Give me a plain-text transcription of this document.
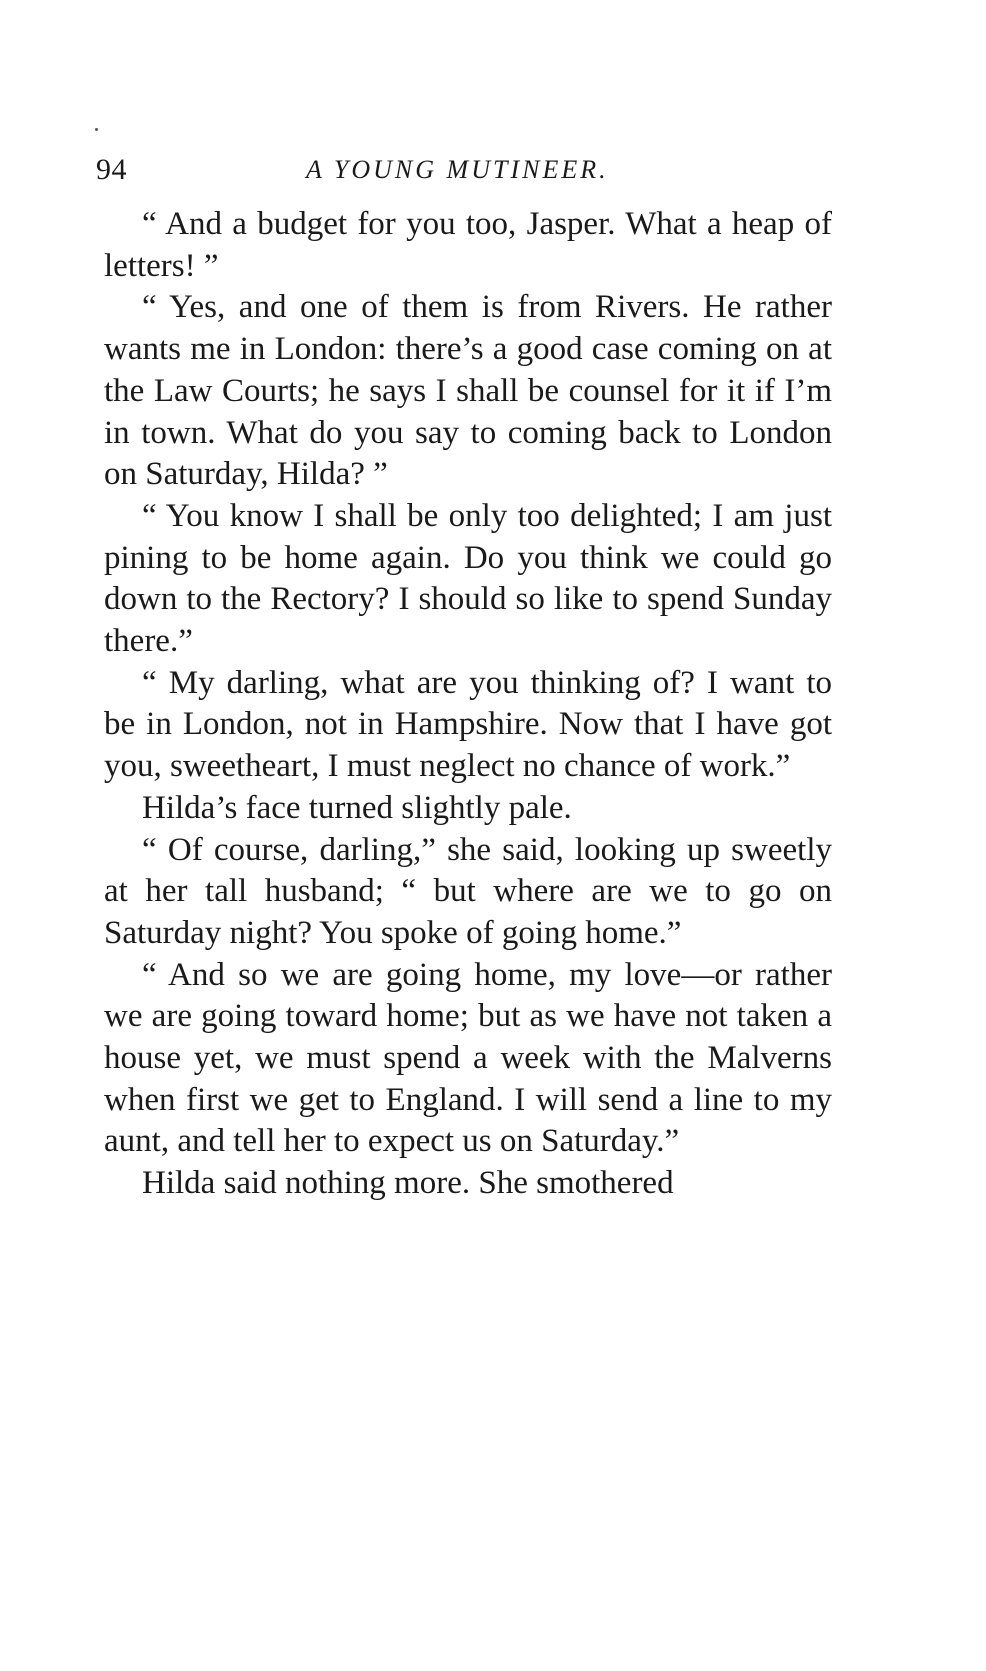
94	A YOUNG MUTINEER.

“ And a budget for you too, Jasper. What a heap of letters! ”

“ Yes, and one of them is from Rivers. He rather wants me in London: there’s a good case coming on at the Law Courts; he says I shall be counsel for it if I’m in town. What do you say to coming back to London on Saturday, Hilda? ”

“ You know I shall be only too delighted; I am just pining to be home again. Do you think we could go down to the Rectory? I should so like to spend Sunday there.”

“ My darling, what are you thinking of? I want to be in London, not in Hampshire. Now that I have got you, sweetheart, I must neglect no chance of work.”

Hilda’s face turned slightly pale.

“ Of course, darling,” she said, looking up sweetly at her tall husband; “ but where are we to go on Saturday night? You spoke of going home.”

“ And so we are going home, my love—or rather we are going toward home; but as we have not taken a house yet, we must spend a week with the Malverns when first we get to England. I will send a line to my aunt, and tell her to expect us on Saturday.”

Hilda said nothing more. She smothered
